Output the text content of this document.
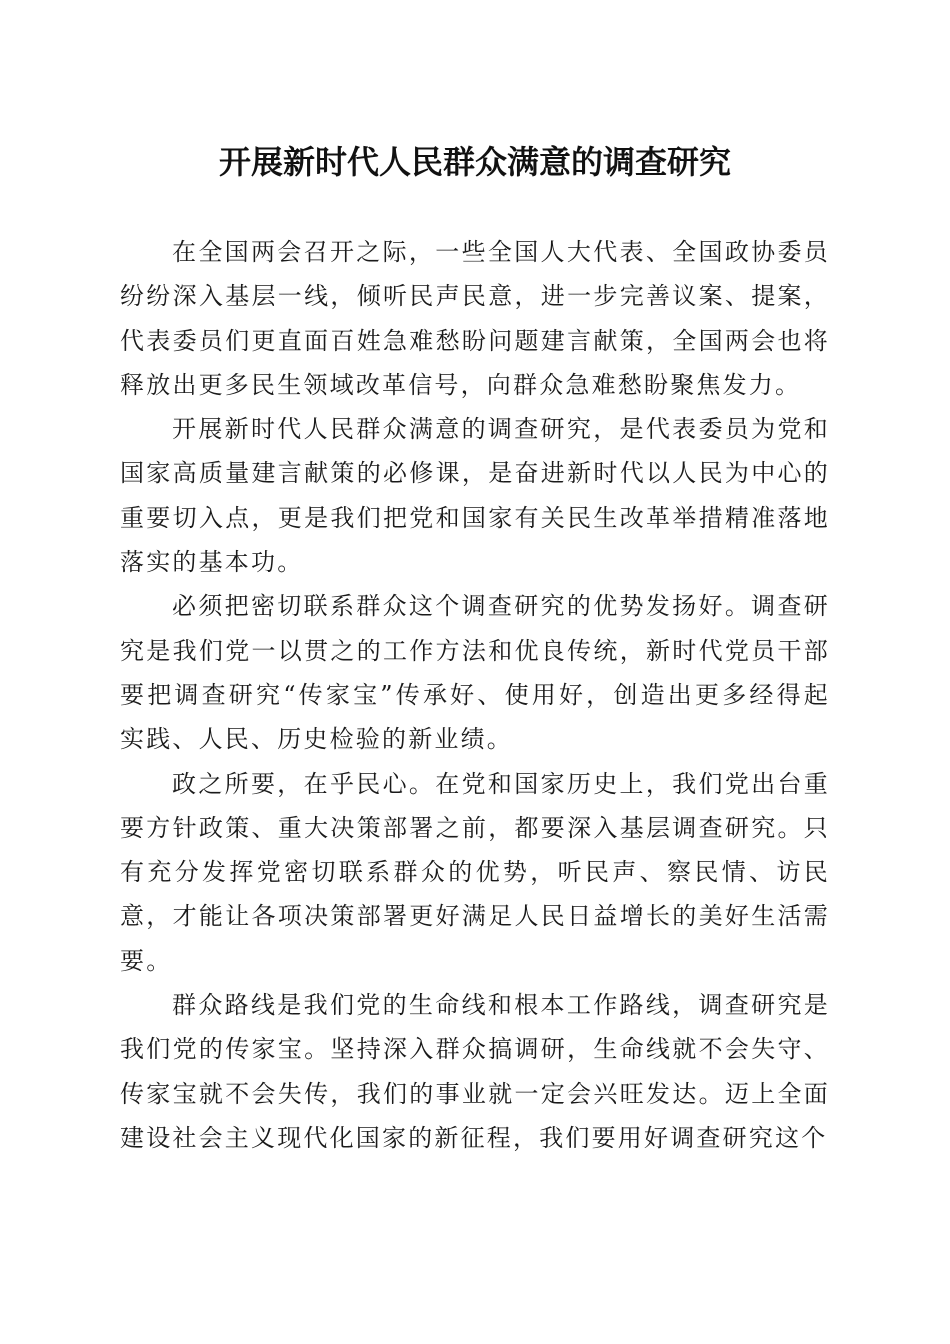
开展新时代人民群众满意的调查研究

在全国两会召开之际，一些全国人大代表、全国政协委员纷纷深入基层一线，倾听民声民意，进一步完善议案、提案，代表委员们更直面百姓急难愁盼问题建言献策，全国两会也将释放出更多民生领域改革信号，向群众急难愁盼聚焦发力。

开展新时代人民群众满意的调查研究，是代表委员为党和国家高质量建言献策的必修课，是奋进新时代以人民为中心的重要切入点，更是我们把党和国家有关民生改革举措精准落地落实的基本功。

必须把密切联系群众这个调查研究的优势发扬好。调查研究是我们党一以贯之的工作方法和优良传统，新时代党员干部要把调查研究“传家宝”传承好、使用好，创造出更多经得起实践、人民、历史检验的新业绩。

政之所要，在乎民心。在党和国家历史上，我们党出台重要方针政策、重大决策部署之前，都要深入基层调查研究。只有充分发挥党密切联系群众的优势，听民声、察民情、访民意，才能让各项决策部署更好满足人民日益增长的美好生活需要。

群众路线是我们党的生命线和根本工作路线，调查研究是我们党的传家宝。坚持深入群众搞调研，生命线就不会失守、传家宝就不会失传，我们的事业就一定会兴旺发达。迈上全面建设社会主义现代化国家的新征程，我们要用好调查研究这个
